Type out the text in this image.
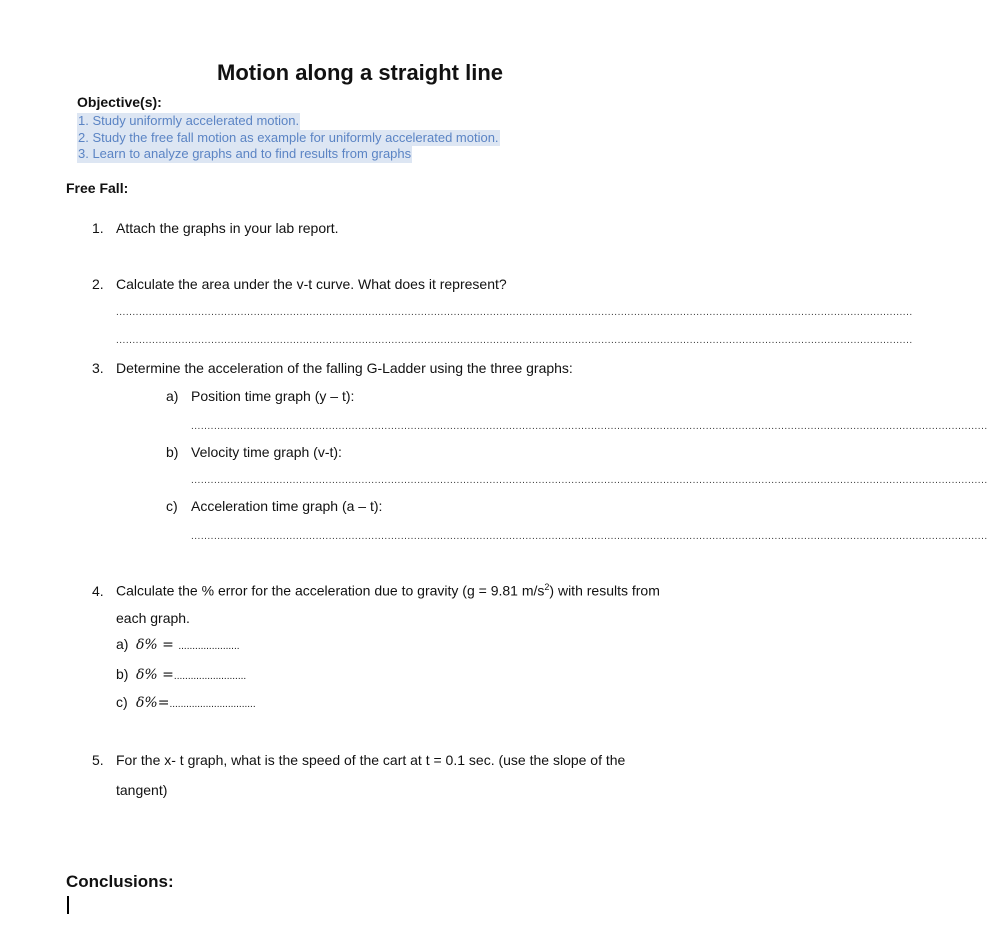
Motion along a straight line
Objective(s):
1. Study uniformly accelerated motion.
2. Study the free fall motion as example for uniformly accelerated motion.
3. Learn to analyze graphs and to find results from graphs
Free Fall:
1. Attach the graphs in your lab report.
2. Calculate the area under the v-t curve. What does it represent?
...................................................................................................................................................................................................................................................
...................................................................................................................................................................................................................................................
3. Determine the acceleration of the falling G-Ladder using the three graphs:
a) Position time graph (y – t):
...................................................................................................................................................................................................................................................
b) Velocity time graph (v-t):
...................................................................................................................................................................................................................................................
c) Acceleration time graph (a – t):
...................................................................................................................................................................................................................................................
4. Calculate the % error for the acceleration due to gravity (g = 9.81 $m/s^2$) with results from
each graph.
a) δ% = ......................
b) δ% =..........................
c) δ%=...............................
5. For the x- t graph, what is the speed of the cart at t = 0.1 sec. (use the slope of the
tangent)
Conclusions:
